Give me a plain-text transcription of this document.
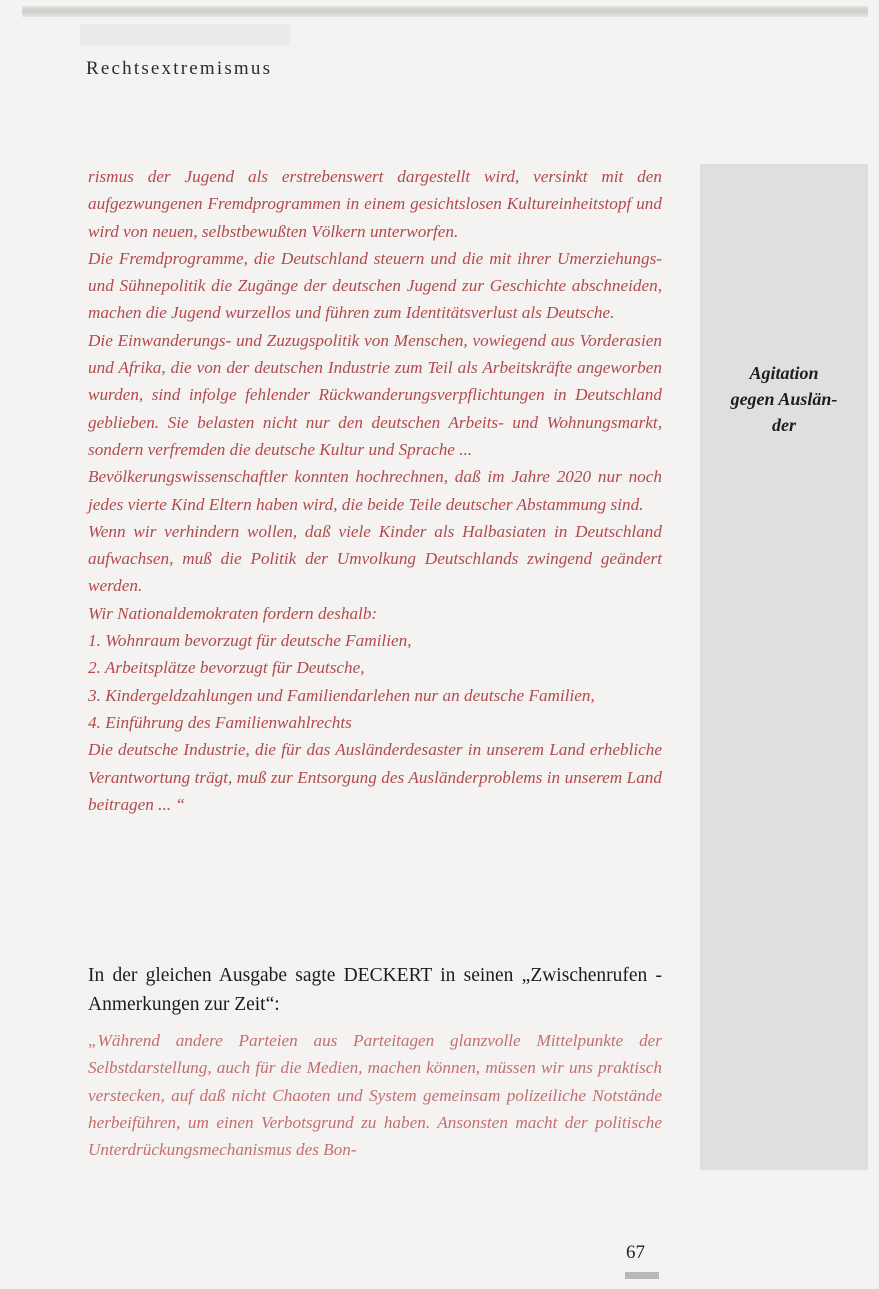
Rechtsextremismus
Agitation
gegen Auslän-
der

rismus der Jugend als erstrebenswert dargestellt wird, versinkt mit den aufgezwungenen Fremdprogrammen in einem gesichtslosen Kultureinheitstopf und wird von neuen, selbstbewußten Völkern unterworfen.

Die Fremdprogramme, die Deutschland steuern und die mit ihrer Umerziehungs- und Sühnepolitik die Zugänge der deutschen Jugend zur Geschichte abschneiden, machen die Jugend wurzellos und führen zum Identitätsverlust als Deutsche.

Die Einwanderungs- und Zuzugspolitik von Menschen, vowiegend aus Vorderasien und Afrika, die von der deutschen Industrie zum Teil als Arbeitskräfte angeworben wurden, sind infolge fehlender Rückwanderungsverpflichtungen in Deutschland geblieben. Sie belasten nicht nur den deutschen Arbeits- und Wohnungsmarkt, sondern verfremden die deutsche Kultur und Sprache ...

Bevölkerungswissenschaftler konnten hochrechnen, daß im Jahre 2020 nur noch jedes vierte Kind Eltern haben wird, die beide Teile deutscher Abstammung sind.

Wenn wir verhindern wollen, daß viele Kinder als Halbasiaten in Deutschland aufwachsen, muß die Politik der Umvolkung Deutschlands zwingend geändert werden.

Wir Nationaldemokraten fordern deshalb:

1. Wohnraum bevorzugt für deutsche Familien,

2. Arbeitsplätze bevorzugt für Deutsche,

3. Kindergeldzahlungen und Familiendarlehen nur an deutsche Familien,

4. Einführung des Familienwahlrechts

Die deutsche Industrie, die für das Ausländerdesaster in unserem Land erhebliche Verantwortung trägt, muß zur Entsorgung des Ausländerproblems in unserem Land beitragen ... “

In der gleichen Ausgabe sagte DECKERT in seinen „Zwischenrufen - Anmerkungen zur Zeit“:

„Während andere Parteien aus Parteitagen glanzvolle Mittelpunkte der Selbstdarstellung, auch für die Medien, machen können, müssen wir uns praktisch verstecken, auf daß nicht Chaoten und System gemeinsam polizeiliche Notstände herbeiführen, um einen Verbotsgrund zu haben. Ansonsten macht der politische Unterdrückungsmechanismus des Bon-

67
